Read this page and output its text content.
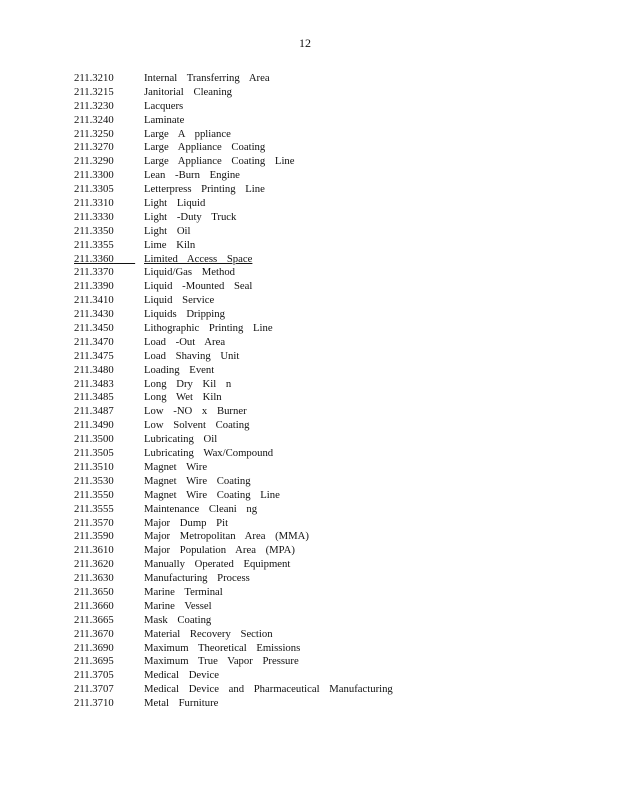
12
211.3210	Internal Transferring Area
211.3215	Janitorial Cleaning
211.3230	Lacquers
211.3240	Laminate
211.3250	Large A ppliance
211.3270	Large Appliance Coating
211.3290	Large Appliance Coating Line
211.3300	Lean -Burn Engine
211.3305	Letterpress Printing Line
211.3310	Light Liquid
211.3330	Light -Duty Truck
211.3350	Light Oil
211.3355	Lime Kiln
211.3360	Limited Access Space
211.3370	Liquid/Gas Method
211.3390	Liquid -Mounted Seal
211.3410	Liquid Service
211.3430	Liquids Dripping
211.3450	Lithographic Printing Line
211.3470	Load -Out Area
211.3475	Load Shaving Unit
211.3480	Loading Event
211.3483	Long Dry Kil n
211.3485	Long Wet Kiln
211.3487	Low -NO x Burner
211.3490	Low Solvent Coating
211.3500	Lubricating Oil
211.3505	Lubricating Wax/Compound
211.3510	Magnet Wire
211.3530	Magnet Wire Coating
211.3550	Magnet Wire Coating Line
211.3555	Maintenance Cleani ng
211.3570	Major Dump Pit
211.3590	Major Metropolitan Area (MMA)
211.3610	Major Population Area (MPA)
211.3620	Manually Operated Equipment
211.3630	Manufacturing Process
211.3650	Marine Terminal
211.3660	Marine Vessel
211.3665	Mask Coating
211.3670	Material Recovery Section
211.3690	Maximum Theoretical Emissions
211.3695	Maximum True Vapor Pressure
211.3705	Medical Device
211.3707	Medical Device and Pharmaceutical Manufacturing
211.3710	Metal Furniture
